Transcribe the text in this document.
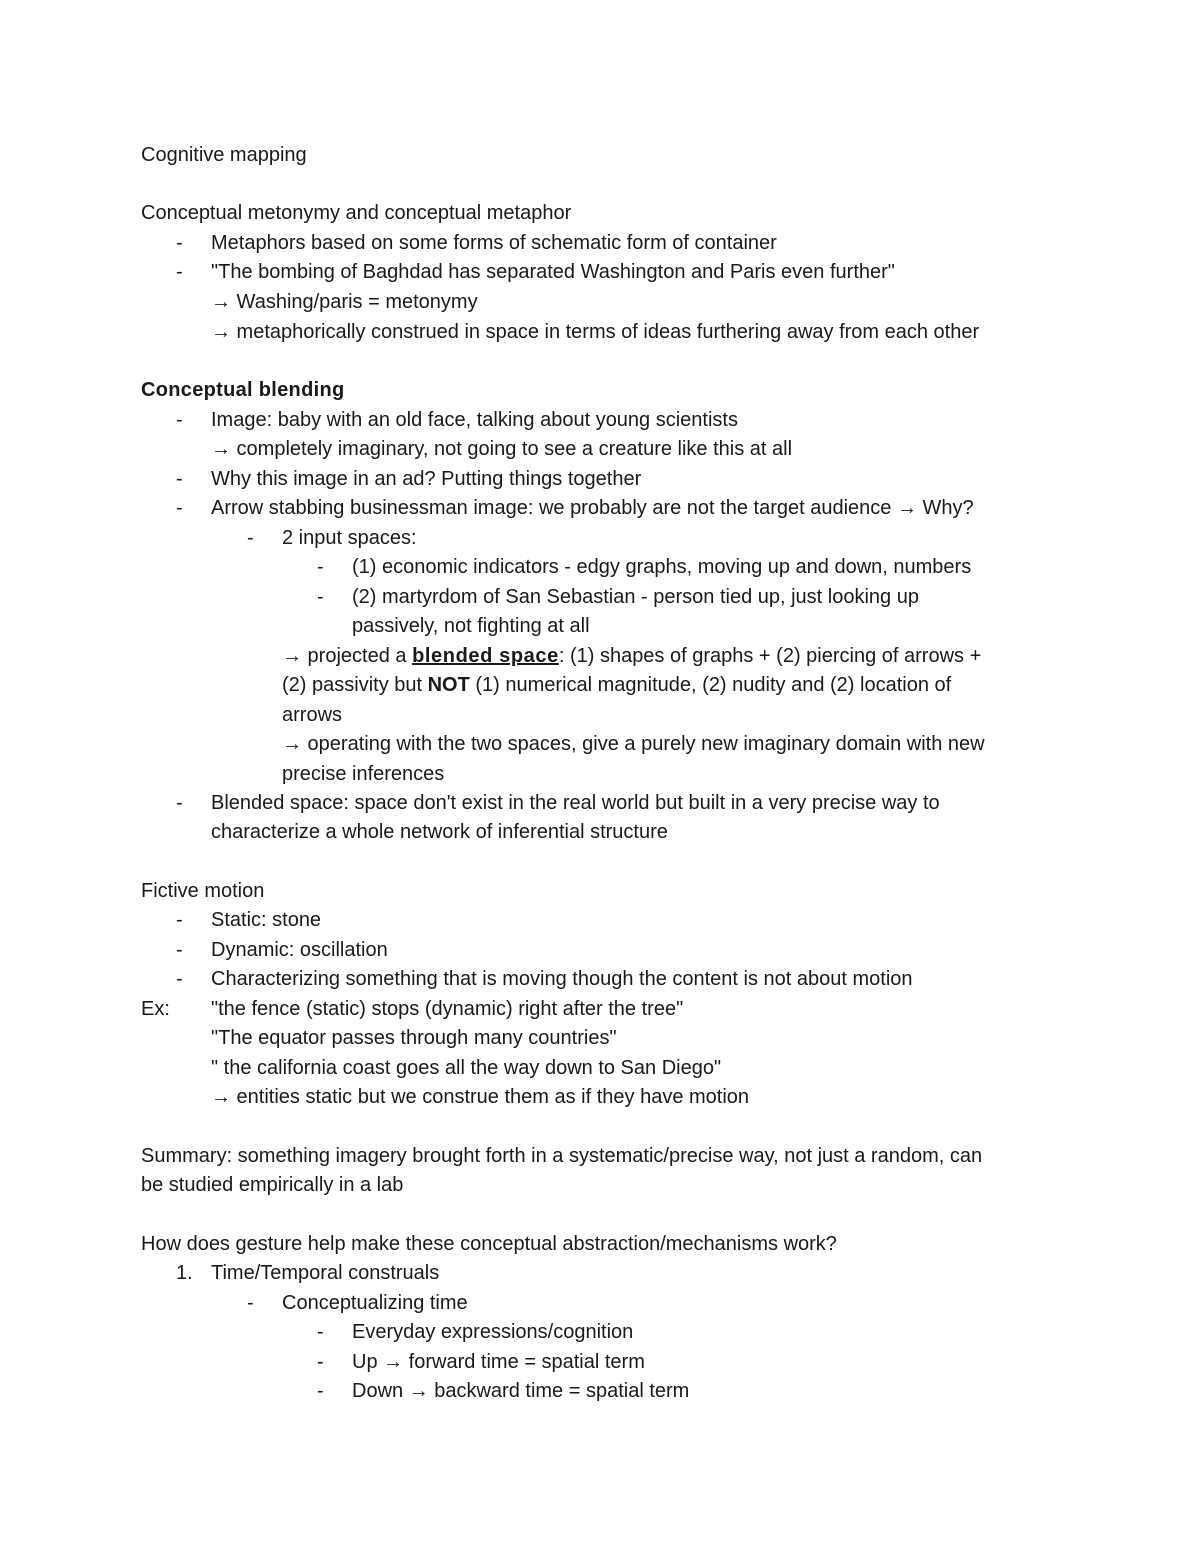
Cognitive mapping
Conceptual metonymy and conceptual metaphor
- Metaphors based on some forms of schematic form of container
- "The bombing of Baghdad has separated Washington and Paris even further"
→ Washing/paris = metonymy
→ metaphorically construed in space in terms of ideas furthering away from each other
Conceptual blending
- Image: baby with an old face, talking about young scientists
→ completely imaginary, not going to see a creature like this at all
- Why this image in an ad? Putting things together
- Arrow stabbing businessman image: we probably are not the target audience → Why?
- 2 input spaces:
- (1) economic indicators - edgy graphs, moving up and down, numbers
- (2) martyrdom of San Sebastian - person tied up, just looking up
passively, not fighting at all
→ projected a blended space: (1) shapes of graphs + (2) piercing of arrows +
(2) passivity but NOT (1) numerical magnitude, (2) nudity and (2) location of
arrows
→ operating with the two spaces, give a purely new imaginary domain with new
precise inferences
- Blended space: space don't exist in the real world but built in a very precise way to
characterize a whole network of inferential structure
Fictive motion
- Static: stone
- Dynamic: oscillation
- Characterizing something that is moving though the content is not about motion
Ex: "the fence (static) stops (dynamic) right after the tree"
"The equator passes through many countries"
" the california coast goes all the way down to San Diego"
→ entities static but we construe them as if they have motion
Summary: something imagery brought forth in a systematic/precise way, not just a random, can
be studied empirically in a lab
How does gesture help make these conceptual abstraction/mechanisms work?
1. Time/Temporal construals
- Conceptualizing time
- Everyday expressions/cognition
- Up → forward time = spatial term
- Down → backward time = spatial term
